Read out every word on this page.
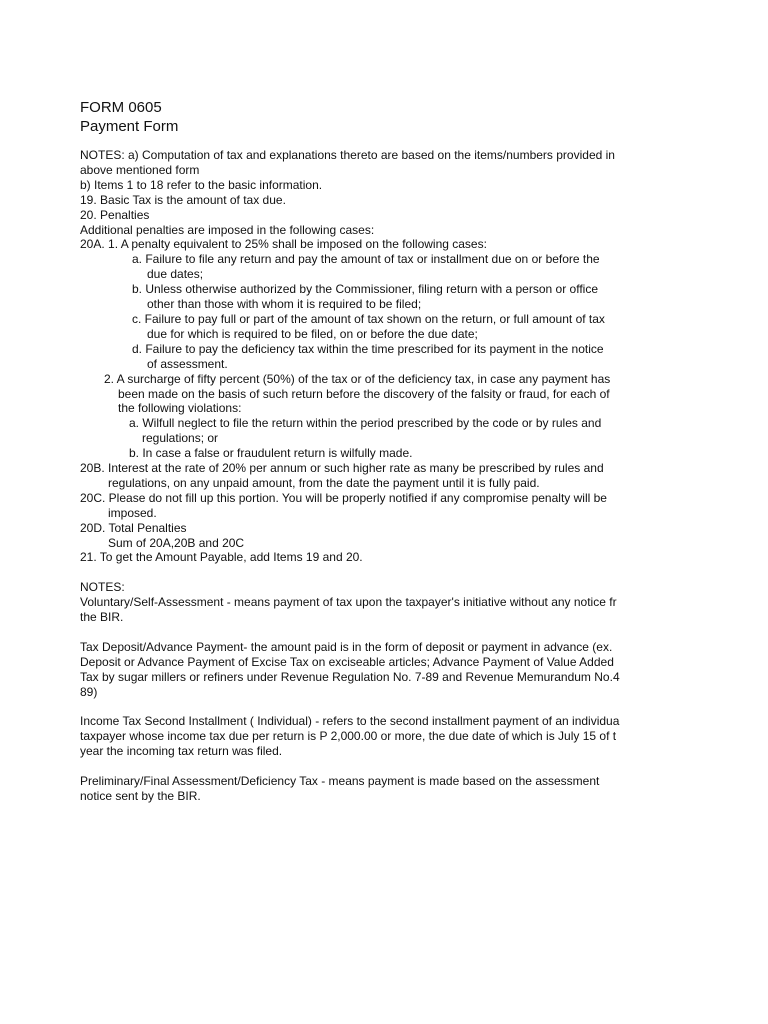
FORM 0605
Payment Form
NOTES: a) Computation of tax and explanations thereto are based on the items/numbers provided in
above mentioned form
b) Items 1 to 18 refer to the basic information.
19. Basic Tax is the amount of tax due.
20. Penalties
Additional penalties are imposed in the following cases:
20A. 1. A penalty equivalent to 25% shall be imposed on the following cases:
a. Failure to file any return and pay the amount of tax or installment due on or before the
due dates;
b. Unless otherwise authorized by the Commissioner, filing return with a person or office
other than those with whom it is required to be filed;
c. Failure to pay full or part of the amount of tax shown on the return, or full amount of tax
due for which is required to be filed, on or before the due date;
d. Failure to pay the deficiency tax within the time prescribed for its payment in the notice
of assessment.
2. A surcharge of fifty percent (50%) of the tax or of the deficiency tax, in case any payment has
been made on the basis of such return before the discovery of the falsity or fraud, for each of
the following violations:
a. Wilfull neglect to file the return within the period prescribed by the code or by rules and
regulations; or
b. In case a false or fraudulent return is wilfully made.
20B. Interest at the rate of 20% per annum or such higher rate as many be prescribed by rules and
regulations, on any unpaid amount, from the date the payment until it is fully paid.
20C. Please do not fill up this portion. You will be properly notified if any compromise penalty will be
imposed.
20D. Total Penalties
Sum of 20A,20B and 20C
21. To get the Amount Payable, add Items 19 and 20.
NOTES:
Voluntary/Self-Assessment - means payment of tax upon the taxpayer's initiative without any notice fr
the BIR.
Tax Deposit/Advance Payment- the amount paid is in the form of deposit or payment in advance (ex.
Deposit or Advance Payment of Excise Tax on exciseable articles; Advance Payment of Value Added
Tax by sugar millers or refiners under Revenue Regulation No. 7-89 and Revenue Memurandum No.4
89)
Income Tax Second Installment ( Individual) - refers to the second installment payment of an individua
taxpayer whose income tax due per return is P 2,000.00 or more, the due date of which is July 15 of t
year the incoming tax return was filed.
Preliminary/Final Assessment/Deficiency Tax - means payment is made based on the assessment
notice sent by the BIR.
